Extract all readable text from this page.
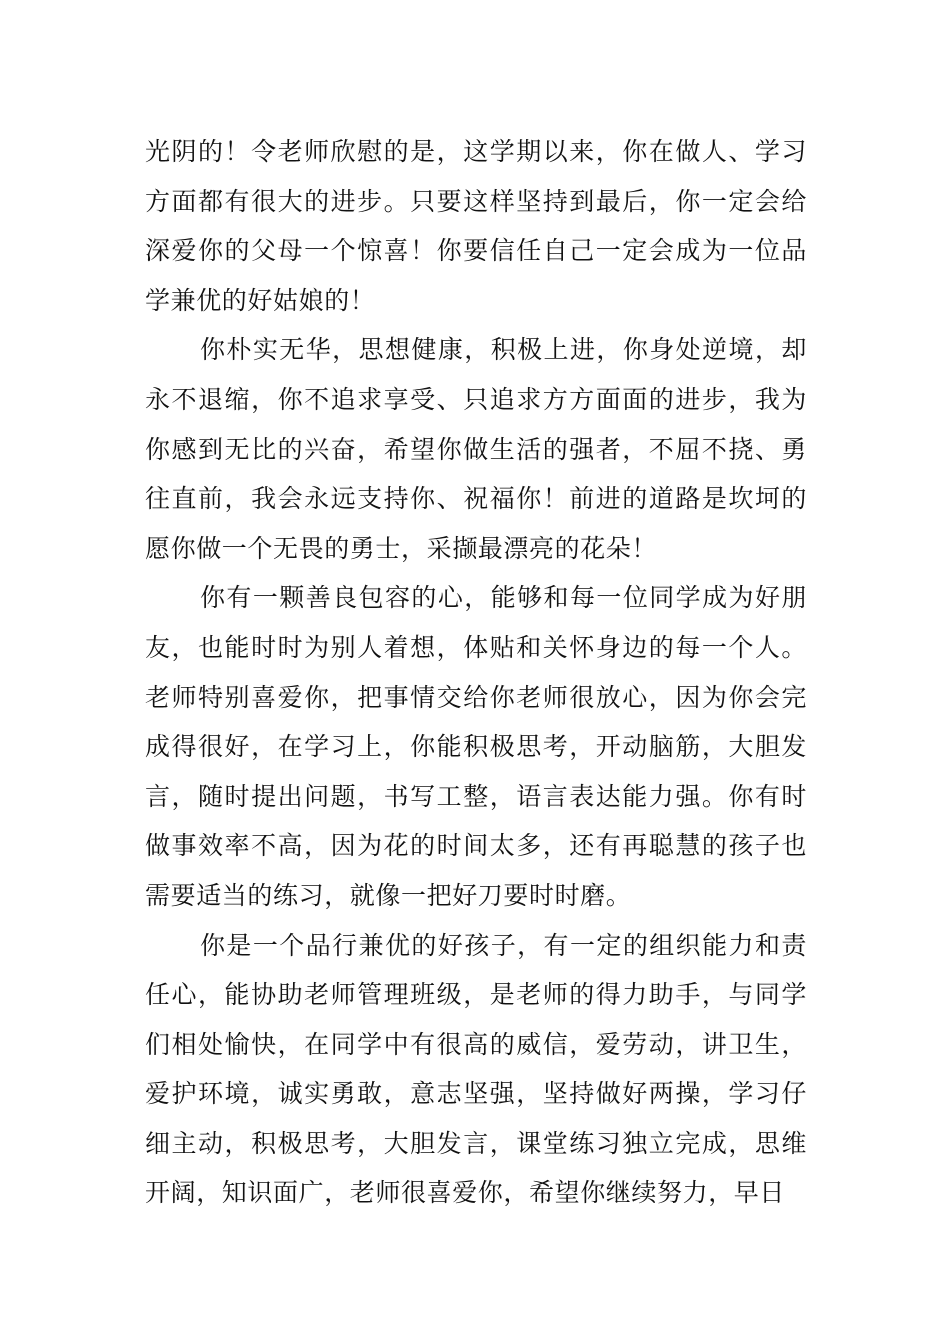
光阴的！令老师欣慰的是，这学期以来，你在做人、学习方面都有很大的进步。只要这样坚持到最后，你一定会给深爱你的父母一个惊喜！你要信任自己一定会成为一位品学兼优的好姑娘的！

你朴实无华，思想健康，积极上进，你身处逆境，却永不退缩，你不追求享受、只追求方方面面的进步，我为你感到无比的兴奋，希望你做生活的强者，不屈不挠、勇往直前，我会永远支持你、祝福你！前进的道路是坎坷的愿你做一个无畏的勇士，采撷最漂亮的花朵！

你有一颗善良包容的心，能够和每一位同学成为好朋友，也能时时为别人着想，体贴和关怀身边的每一个人。老师特别喜爱你，把事情交给你老师很放心，因为你会完成得很好，在学习上，你能积极思考，开动脑筋，大胆发言，随时提出问题，书写工整，语言表达能力强。你有时做事效率不高，因为花的时间太多，还有再聪慧的孩子也需要适当的练习，就像一把好刀要时时磨。

你是一个品行兼优的好孩子，有一定的组织能力和责任心，能协助老师管理班级，是老师的得力助手，与同学们相处愉快，在同学中有很高的威信，爱劳动，讲卫生，爱护环境，诚实勇敢，意志坚强，坚持做好两操，学习仔细主动，积极思考，大胆发言，课堂练习独立完成，思维开阔，知识面广，老师很喜爱你，希望你继续努力，早日
